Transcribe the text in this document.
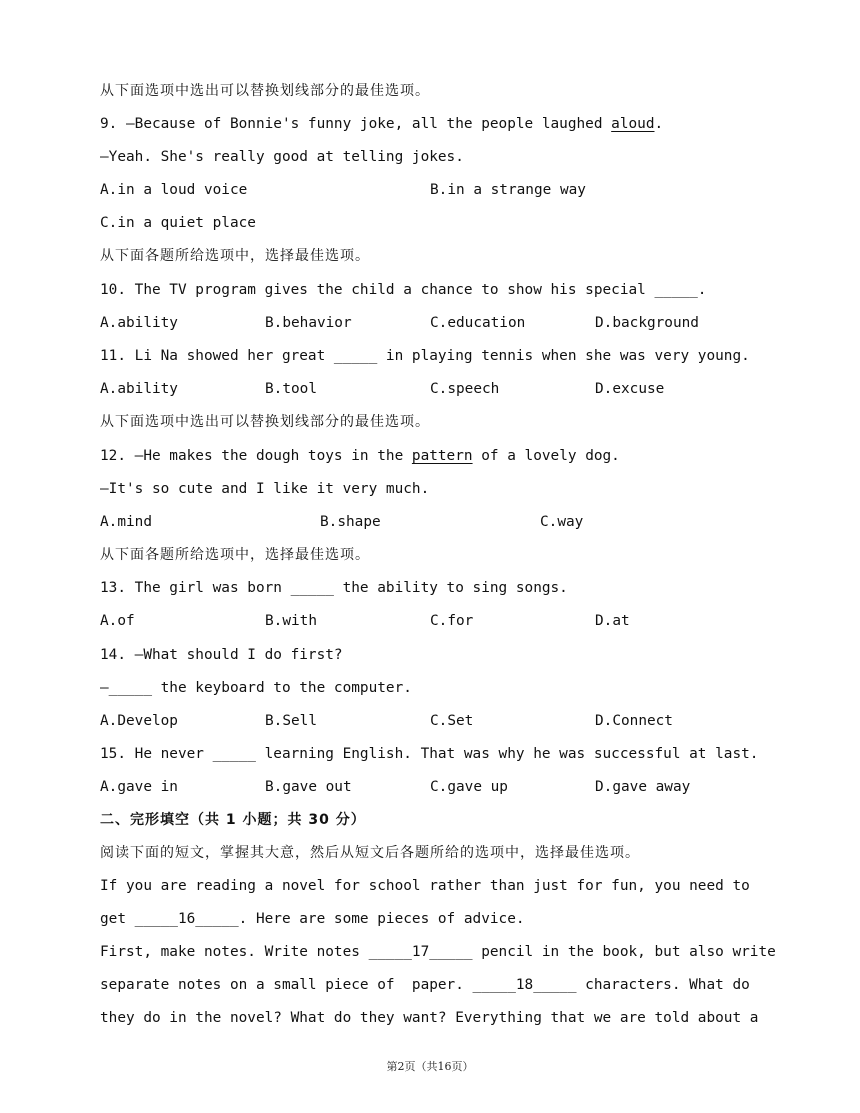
从下面选项中选出可以替换划线部分的最佳选项。
9. —Because of Bonnie's funny joke, all the people laughed aloud.
—Yeah. She's really good at telling jokes.
A.in a loud voice	B.in a strange way
C.in a quiet place
从下面各题所给选项中，选择最佳选项。
10. The TV program gives the child a chance to show his special _____.
A.ability	B.behavior	C.education	D.background
11. Li Na showed her great _____ in playing tennis when she was very young.
A.ability	B.tool	C.speech	D.excuse
从下面选项中选出可以替换划线部分的最佳选项。
12. —He makes the dough toys in the pattern of a lovely dog.
—It's so cute and I like it very much.
A.mind	B.shape	C.way
从下面各题所给选项中，选择最佳选项。
13. The girl was born _____ the ability to sing songs.
A.of	B.with	C.for	D.at
14. —What should I do first?
—_____ the keyboard to the computer.
A.Develop	B.Sell	C.Set	D.Connect
15. He never _____ learning English. That was why he was successful at last.
A.gave in	B.gave out	C.gave up	D.gave away
二、完形填空（共 1 小题；共 30 分）
阅读下面的短文，掌握其大意，然后从短文后各题所给的选项中，选择最佳选项。
If you are reading a novel for school rather than just for fun, you need to
get _____16_____. Here are some pieces of advice.
First, make notes. Write notes _____17_____ pencil in the book, but also write
separate notes on a small piece of  paper. _____18_____ characters. What do
they do in the novel? What do they want? Everything that we are told about a
第2页（共16页）
